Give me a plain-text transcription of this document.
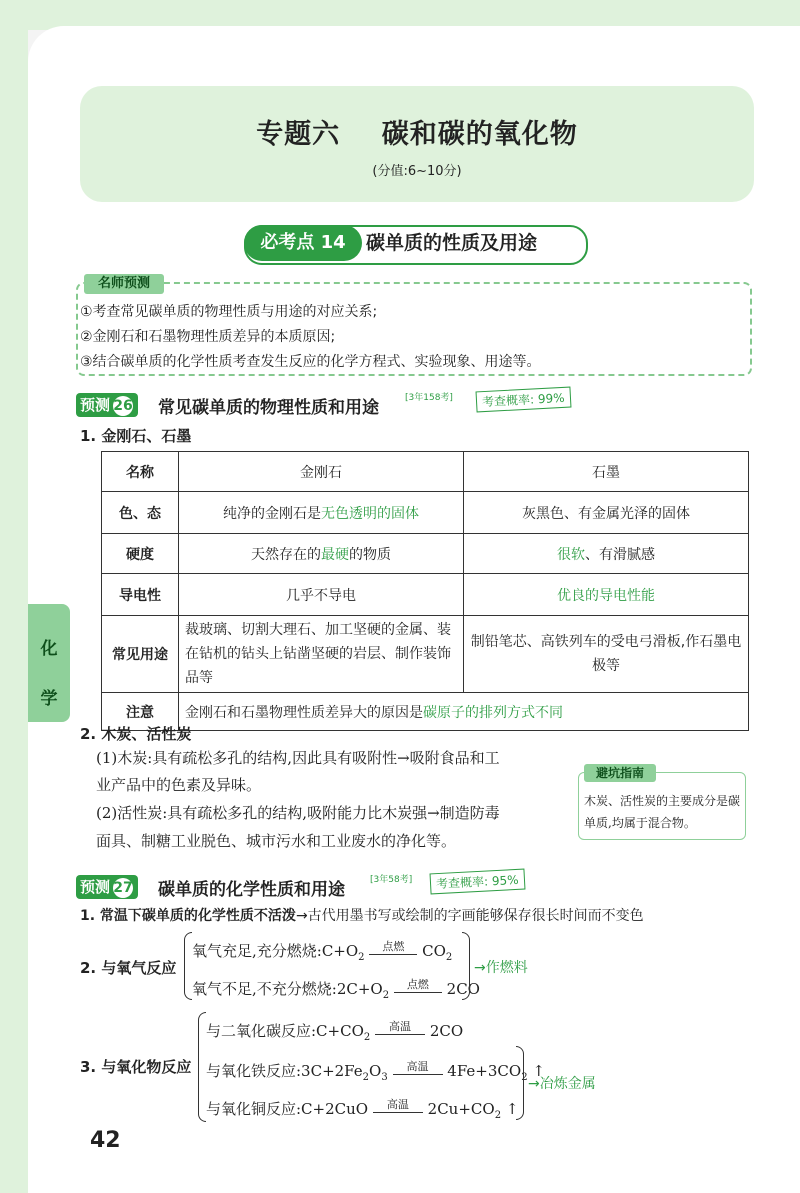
专题六    碳和碳的氧化物
(分值:6~10分)
必考点 14	碳单质的性质及用途
名师预测
①考查常见碳单质的物理性质与用途的对应关系;
②金刚石和石墨物理性质差异的本质原因;
③结合碳单质的化学性质考查发生反应的化学方程式、实验现象、用途等。
预测 26	常见碳单质的物理性质和用途	[3年158考]	考查概率: 99%
1. 金刚石、石墨
名称	金刚石	石墨
色、态	纯净的金刚石是无色透明的固体	灰黑色、有金属光泽的固体
硬度	天然存在的最硬的物质	很软、有滑腻感
导电性	几乎不导电	优良的导电性能
常见用途	裁玻璃、切割大理石、加工坚硬的金属、装在钻机的钻头上钻凿坚硬的岩层、制作装饰品等	制铅笔芯、高铁列车的受电弓滑板,作石墨电极等
注意	金刚石和石墨物理性质差异大的原因是碳原子的排列方式不同	
化
学
2. 木炭、活性炭
(1)木炭:具有疏松多孔的结构,因此具有吸附性→吸附食品和工
业产品中的色素及异味。
(2)活性炭:具有疏松多孔的结构,吸附能力比木炭强→制造防毒
面具、制糖工业脱色、城市污水和工业废水的净化等。
避坑指南
木炭、活性炭的主要成分是碳单质,均属于混合物。
预测 27	碳单质的化学性质和用途	[3年58考]	考查概率: 95%
1. 常温下碳单质的化学性质不活泼→古代用墨书写或绘制的字画能够保存很长时间而不变色
2. 与氧气反应
氧气充足,充分燃烧$:C+O_2$ 点燃 $CO_2$
氧气不足,不充分燃烧$:2C+O_2$ 点燃 2CO
→作燃料
3. 与氧化物反应
与二氧化碳反应$:C+CO_2$ 高温 2CO
与氧化铁反应$:3C+2Fe_2O_3$ 高温 $4Fe+3CO_2$ ↑
与氧化铜反应:C+2CuO 高温 $2Cu+CO_2$ ↑
→冶炼金属
42
